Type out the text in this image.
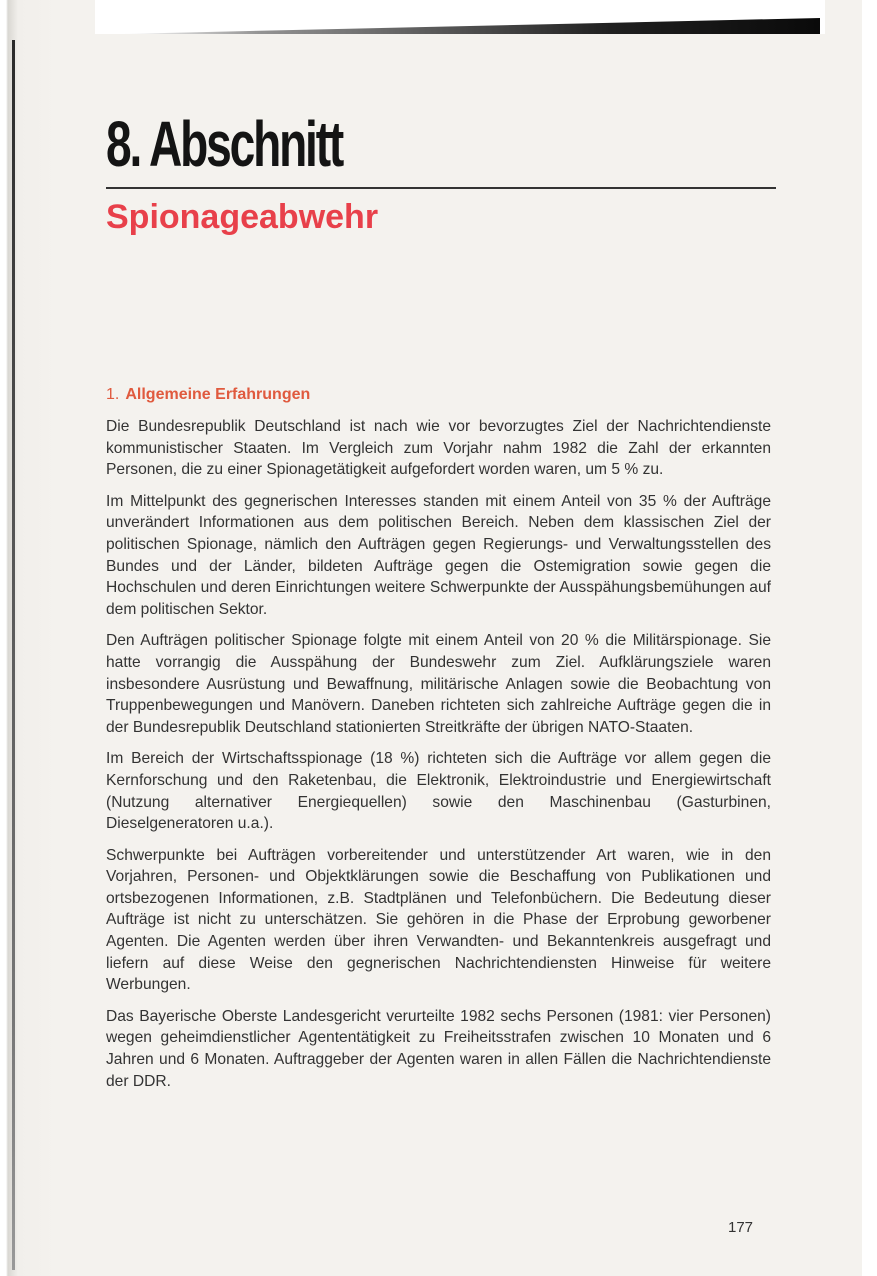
8. Abschnitt
Spionageabwehr
1. Allgemeine Erfahrungen

Die Bundesrepublik Deutschland ist nach wie vor bevorzugtes Ziel der Nachrichtendienste kommunistischer Staaten. Im Vergleich zum Vorjahr nahm 1982 die Zahl der erkannten Personen, die zu einer Spionagetätigkeit aufgefordert worden waren, um 5 % zu.

Im Mittelpunkt des gegnerischen Interesses standen mit einem Anteil von 35 % der Aufträge unverändert Informationen aus dem politischen Bereich. Neben dem klassischen Ziel der politischen Spionage, nämlich den Aufträgen gegen Regierungs- und Verwaltungsstellen des Bundes und der Länder, bildeten Aufträge gegen die Ostemigration sowie gegen die Hochschulen und deren Einrichtungen weitere Schwerpunkte der Ausspähungsbemühungen auf dem politischen Sektor.

Den Aufträgen politischer Spionage folgte mit einem Anteil von 20 % die Militärspionage. Sie hatte vorrangig die Ausspähung der Bundeswehr zum Ziel. Aufklärungsziele waren insbesondere Ausrüstung und Bewaffnung, militärische Anlagen sowie die Beobachtung von Truppenbewegungen und Manövern. Daneben richteten sich zahlreiche Aufträge gegen die in der Bundesrepublik Deutschland stationierten Streitkräfte der übrigen NATO-Staaten.

Im Bereich der Wirtschaftsspionage (18 %) richteten sich die Aufträge vor allem gegen die Kernforschung und den Raketenbau, die Elektronik, Elektroindustrie und Energiewirtschaft (Nutzung alternativer Energiequellen) sowie den Maschinenbau (Gasturbinen, Dieselgeneratoren u.a.).

Schwerpunkte bei Aufträgen vorbereitender und unterstützender Art waren, wie in den Vorjahren, Personen- und Objektklärungen sowie die Beschaffung von Publikationen und ortsbezogenen Informationen, z.B. Stadtplänen und Telefonbüchern. Die Bedeutung dieser Aufträge ist nicht zu unterschätzen. Sie gehören in die Phase der Erprobung geworbener Agenten. Die Agenten werden über ihren Verwandten- und Bekanntenkreis ausgefragt und liefern auf diese Weise den gegnerischen Nachrichtendiensten Hinweise für weitere Werbungen.

Das Bayerische Oberste Landesgericht verurteilte 1982 sechs Personen (1981: vier Personen) wegen geheimdienstlicher Agententätigkeit zu Freiheitsstrafen zwischen 10 Monaten und 6 Jahren und 6 Monaten. Auftraggeber der Agenten waren in allen Fällen die Nachrichtendienste der DDR.

177
